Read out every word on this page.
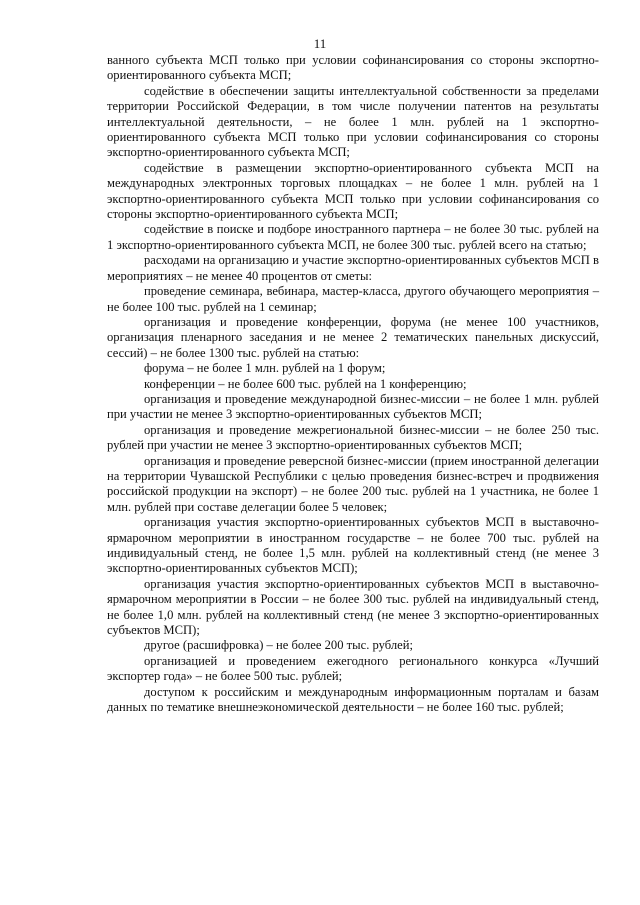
11

ванного субъекта МСП только при условии софинансирования со стороны экспортно-ориентированного субъекта МСП;

содействие в обеспечении защиты интеллектуальной собственности за пределами территории Российской Федерации, в том числе получении патентов на результаты интеллектуальной деятельности, – не более 1 млн. рублей на 1 экспортно-ориентированного субъекта МСП только при условии софинансирования со стороны экспортно-ориентированного субъекта МСП;

содействие в размещении экспортно-ориентированного субъекта МСП на международных электронных торговых площадках – не более 1 млн. рублей на 1 экспортно-ориентированного субъекта МСП только при условии софинансирования со стороны экспортно-ориентированного субъекта МСП;

содействие в поиске и подборе иностранного партнера – не более 30 тыс. рублей на 1 экспортно-ориентированного субъекта МСП, не более 300 тыс. рублей всего на статью;

расходами на организацию и участие экспортно-ориентированных субъектов МСП в мероприятиях – не менее 40 процентов от сметы:

проведение семинара, вебинара, мастер-класса, другого обучающего мероприятия – не более 100 тыс. рублей на 1 семинар;

организация и проведение конференции, форума (не менее 100 участников, организация пленарного заседания и не менее 2 тематических панельных дискуссий, сессий) – не более 1300 тыс. рублей на статью:

форума – не более 1 млн. рублей на 1 форум;

конференции – не более 600 тыс. рублей на 1 конференцию;

организация и проведение международной бизнес-миссии – не более 1 млн. рублей при участии не менее 3 экспортно-ориентированных субъектов МСП;

организация и проведение межрегиональной бизнес-миссии – не более 250 тыс. рублей при участии не менее 3 экспортно-ориентированных субъектов МСП;

организация и проведение реверсной бизнес-миссии (прием иностранной делегации на территории Чувашской Республики с целью проведения бизнес-встреч и продвижения российской продукции на экспорт) – не более 200 тыс. рублей на 1 участника, не более 1 млн. рублей при составе делегации более 5 человек;

организация участия экспортно-ориентированных субъектов МСП в выставочно-ярмарочном мероприятии в иностранном государстве – не более 700 тыс. рублей на индивидуальный стенд, не более 1,5 млн. рублей на коллективный стенд (не менее 3 экспортно-ориентированных субъектов МСП);

организация участия экспортно-ориентированных субъектов МСП в выставочно-ярмарочном мероприятии в России – не более 300 тыс. рублей на индивидуальный стенд, не более 1,0 млн. рублей на коллективный стенд (не менее 3 экспортно-ориентированных субъектов МСП);

другое (расшифровка) – не более 200 тыс. рублей;

организацией и проведением ежегодного регионального конкурса «Лучший экспортер года» – не более 500 тыс. рублей;

доступом к российским и международным информационным порталам и базам данных по тематике внешнеэкономической деятельности – не более 160 тыс. рублей;
